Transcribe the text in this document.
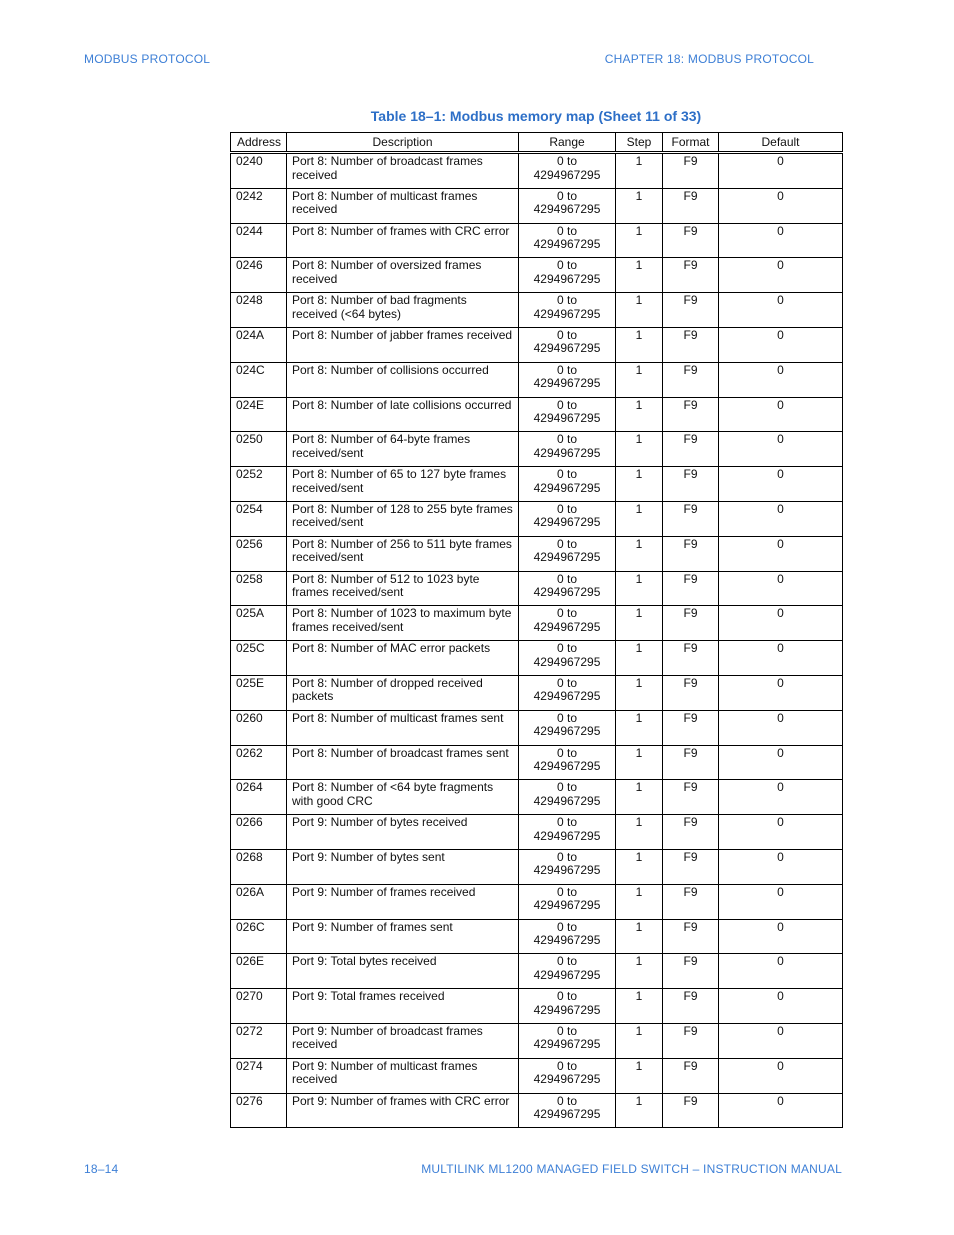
MODBUS PROTOCOL	CHAPTER 18: MODBUS PROTOCOL
Table 18–1: Modbus memory map (Sheet 11 of 33)
Address	Description	Range	Step	Format	Default
0240	Port 8: Number of broadcast frames received	0 to 4294967295	1	F9	0
0242	Port 8: Number of multicast frames received	0 to 4294967295	1	F9	0
0244	Port 8: Number of frames with CRC error	0 to 4294967295	1	F9	0
0246	Port 8: Number of oversized frames received	0 to 4294967295	1	F9	0
0248	Port 8: Number of bad fragments received (<64 bytes)	0 to 4294967295	1	F9	0
024A	Port 8: Number of jabber frames received	0 to 4294967295	1	F9	0
024C	Port 8: Number of collisions occurred	0 to 4294967295	1	F9	0
024E	Port 8: Number of late collisions occurred	0 to 4294967295	1	F9	0
0250	Port 8: Number of 64-byte frames received/sent	0 to 4294967295	1	F9	0
0252	Port 8: Number of 65 to 127 byte frames received/sent	0 to 4294967295	1	F9	0
0254	Port 8: Number of 128 to 255 byte frames received/sent	0 to 4294967295	1	F9	0
0256	Port 8: Number of 256 to 511 byte frames received/sent	0 to 4294967295	1	F9	0
0258	Port 8: Number of 512 to 1023 byte frames received/sent	0 to 4294967295	1	F9	0
025A	Port 8: Number of 1023 to maximum byte frames received/sent	0 to 4294967295	1	F9	0
025C	Port 8: Number of MAC error packets	0 to 4294967295	1	F9	0
025E	Port 8: Number of dropped received packets	0 to 4294967295	1	F9	0
0260	Port 8: Number of multicast frames sent	0 to 4294967295	1	F9	0
0262	Port 8: Number of broadcast frames sent	0 to 4294967295	1	F9	0
0264	Port 8: Number of <64 byte fragments with good CRC	0 to 4294967295	1	F9	0
0266	Port 9: Number of bytes received	0 to 4294967295	1	F9	0
0268	Port 9: Number of bytes sent	0 to 4294967295	1	F9	0
026A	Port 9: Number of frames received	0 to 4294967295	1	F9	0
026C	Port 9: Number of frames sent	0 to 4294967295	1	F9	0
026E	Port 9: Total bytes received	0 to 4294967295	1	F9	0
0270	Port 9: Total frames received	0 to 4294967295	1	F9	0
0272	Port 9: Number of broadcast frames received	0 to 4294967295	1	F9	0
0274	Port 9: Number of multicast frames received	0 to 4294967295	1	F9	0
0276	Port 9: Number of frames with CRC error	0 to 4294967295	1	F9	0
18–14	MULTILINK ML1200 MANAGED FIELD SWITCH – INSTRUCTION MANUAL
